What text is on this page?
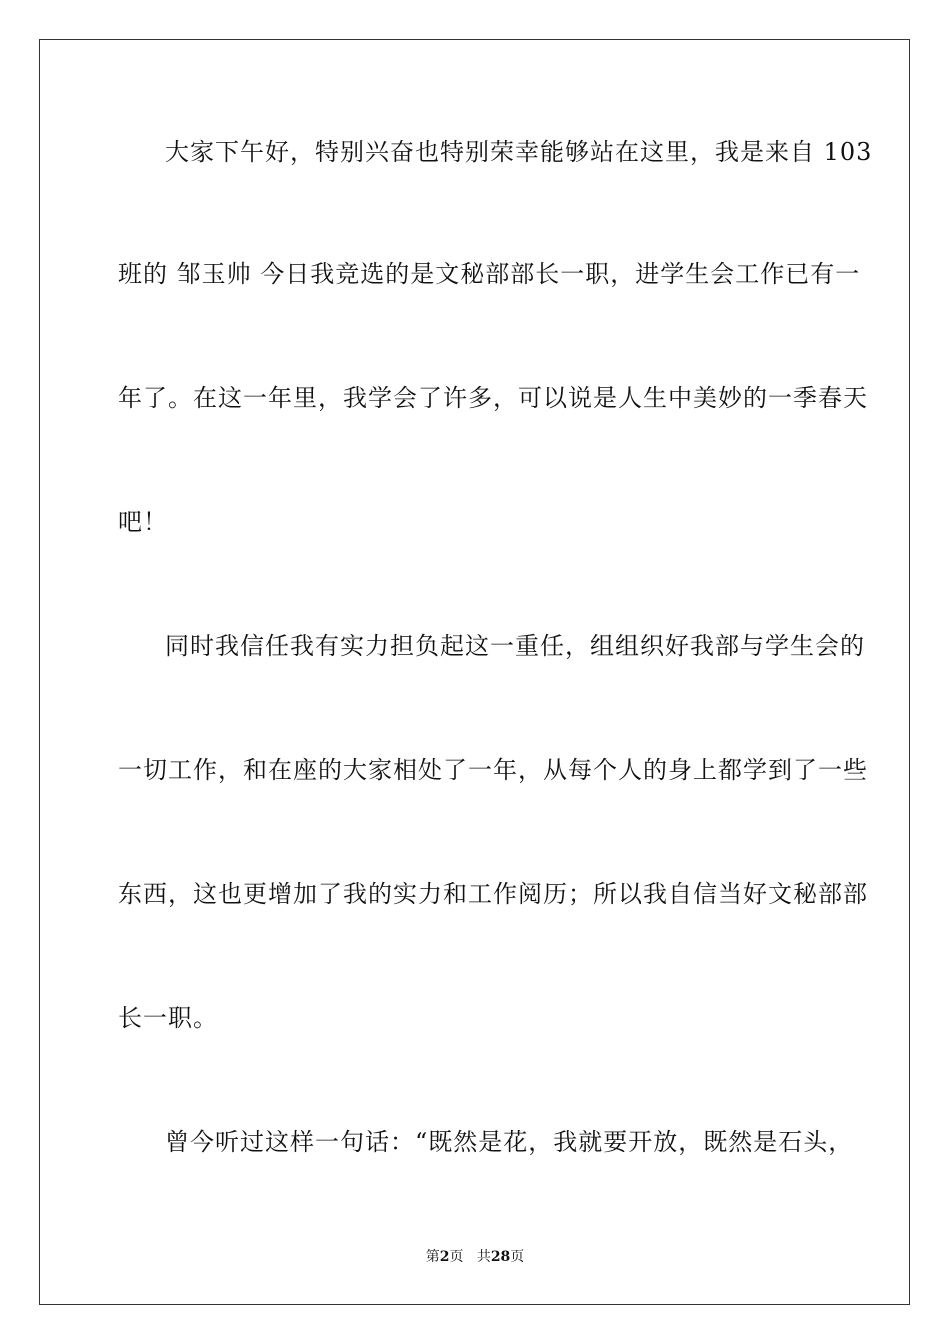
大家下午好，特别兴奋也特别荣幸能够站在这里，我是来自 103
班的 邹玉帅 今日我竞选的是文秘部部长一职，进学生会工作已有一
年了。在这一年里，我学会了许多，可以说是人生中美妙的一季春天
吧！
同时我信任我有实力担负起这一重任，组组织好我部与学生会的
一切工作，和在座的大家相处了一年，从每个人的身上都学到了一些
东西，这也更增加了我的实力和工作阅历；所以我自信当好文秘部部
长一职。
曾今听过这样一句话：“既然是花，我就要开放，既然是石头，
第2页 共28页
